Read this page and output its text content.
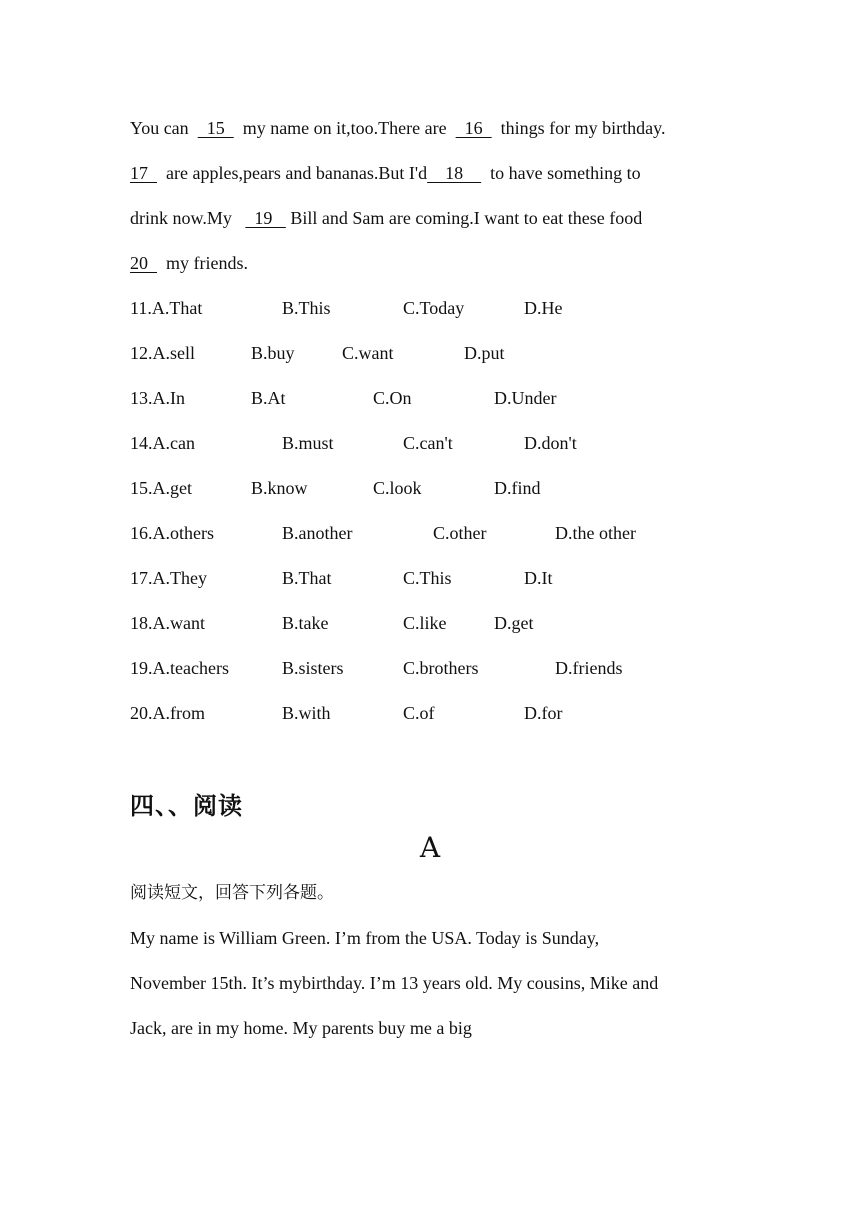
You can    15    my name on it,too.There are    16    things for my birthday.
17    are apples,pears and bananas.But I'd    18      to have something to
drink now.My     19    Bill and Sam are coming.I want to eat these food
20    my friends.
11.A.That	B.This	C.Today	D.He
12.A.sell	B.buy	C.want	D.put
13.A.In	B.At	C.On	D.Under
14.A.can	B.must	C.can't	D.don't
15.A.get	B.know	C.look	D.find
16.A.others	B.another	C.other	D.the other
17.A.They	B.That	C.This	D.It
18.A.want	B.take	C.like	D.get
19.A.teachers	B.sisters	C.brothers	D.friends
20.A.from	B.with	C.of	D.for
四、、阅读
A
阅读短文，回答下列各题。
My name is William Green. I’m from the USA. Today is Sunday,
November 15th. It’s mybirthday. I’m 13 years old. My cousins, Mike and
Jack, are in my home. My parents buy me a big
